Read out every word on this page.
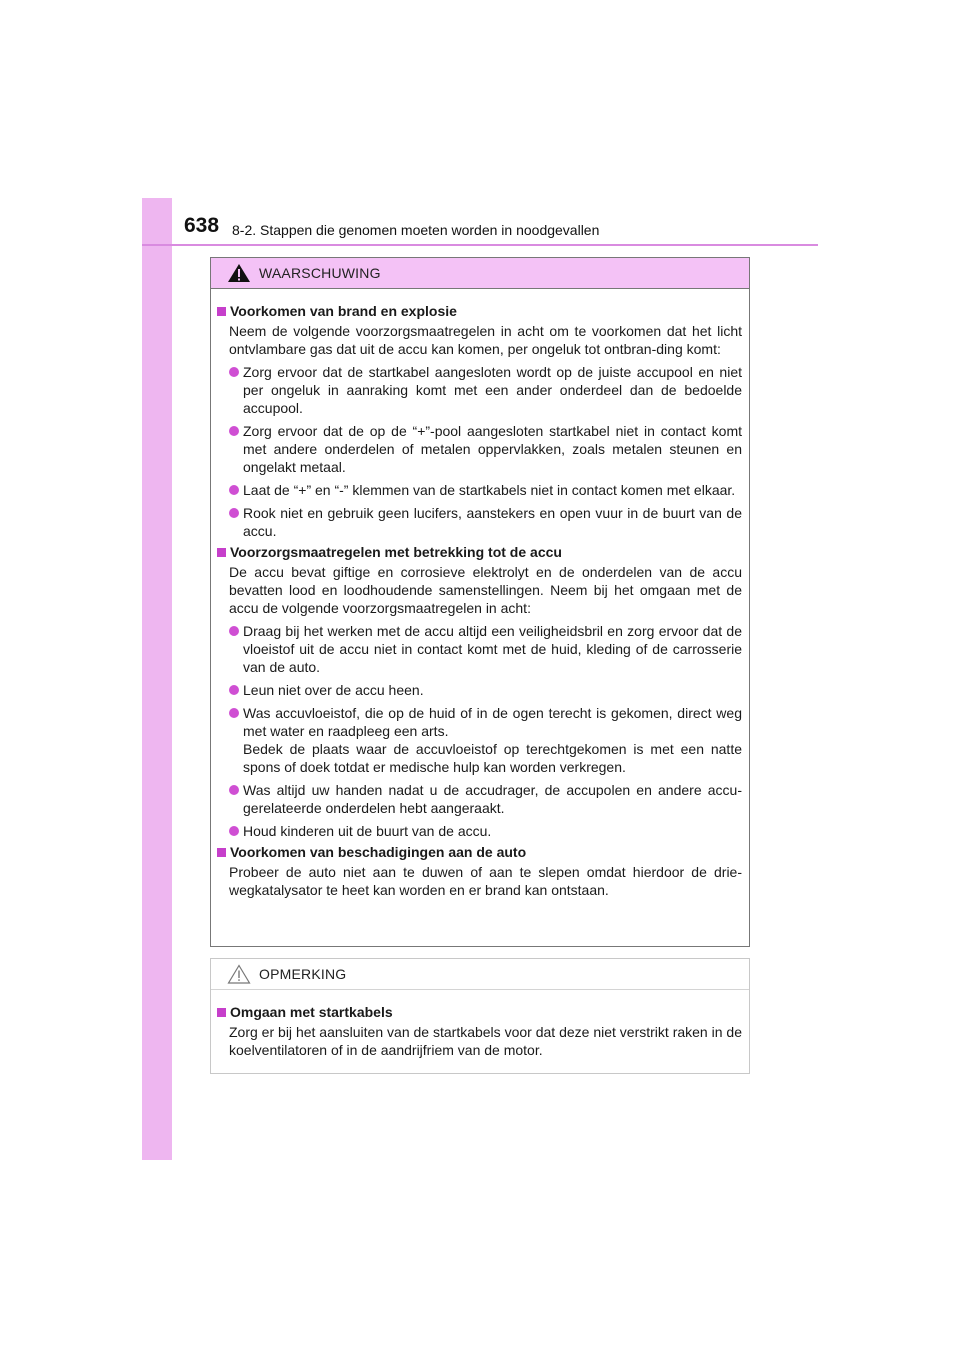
638 8-2. Stappen die genomen moeten worden in noodgevallen
WAARSCHUWING
Voorkomen van brand en explosie
Neem de volgende voorzorgsmaatregelen in acht om te voorkomen dat het licht ontvlambare gas dat uit de accu kan komen, per ongeluk tot ontbran-ding komt:
Zorg ervoor dat de startkabel aangesloten wordt op de juiste accupool en niet per ongeluk in aanraking komt met een ander onderdeel dan de bedoelde accupool.
Zorg ervoor dat de op de “+”-pool aangesloten startkabel niet in contact komt met andere onderdelen of metalen oppervlakken, zoals metalen steunen en ongelakt metaal.
Laat de “+” en “-” klemmen van de startkabels niet in contact komen met elkaar.
Rook niet en gebruik geen lucifers, aanstekers en open vuur in de buurt van de accu.
Voorzorgsmaatregelen met betrekking tot de accu
De accu bevat giftige en corrosieve elektrolyt en de onderdelen van de accu bevatten lood en loodhoudende samenstellingen. Neem bij het omgaan met de accu de volgende voorzorgsmaatregelen in acht:
Draag bij het werken met de accu altijd een veiligheidsbril en zorg ervoor dat de vloeistof uit de accu niet in contact komt met de huid, kleding of de carrosserie van de auto.
Leun niet over de accu heen.
Was accuvloeistof, die op de huid of in de ogen terecht is gekomen, direct weg met water en raadpleeg een arts.
Bedek de plaats waar de accuvloeistof op terechtgekomen is met een natte spons of doek totdat er medische hulp kan worden verkregen.
Was altijd uw handen nadat u de accudrager, de accupolen en andere accu-gerelateerde onderdelen hebt aangeraakt.
Houd kinderen uit de buurt van de accu.
Voorkomen van beschadigingen aan de auto
Probeer de auto niet aan te duwen of aan te slepen omdat hierdoor de drie-wegkatalysator te heet kan worden en er brand kan ontstaan.
OPMERKING
Omgaan met startkabels
Zorg er bij het aansluiten van de startkabels voor dat deze niet verstrikt raken in de koelventilatoren of in de aandrijfriem van de motor.
